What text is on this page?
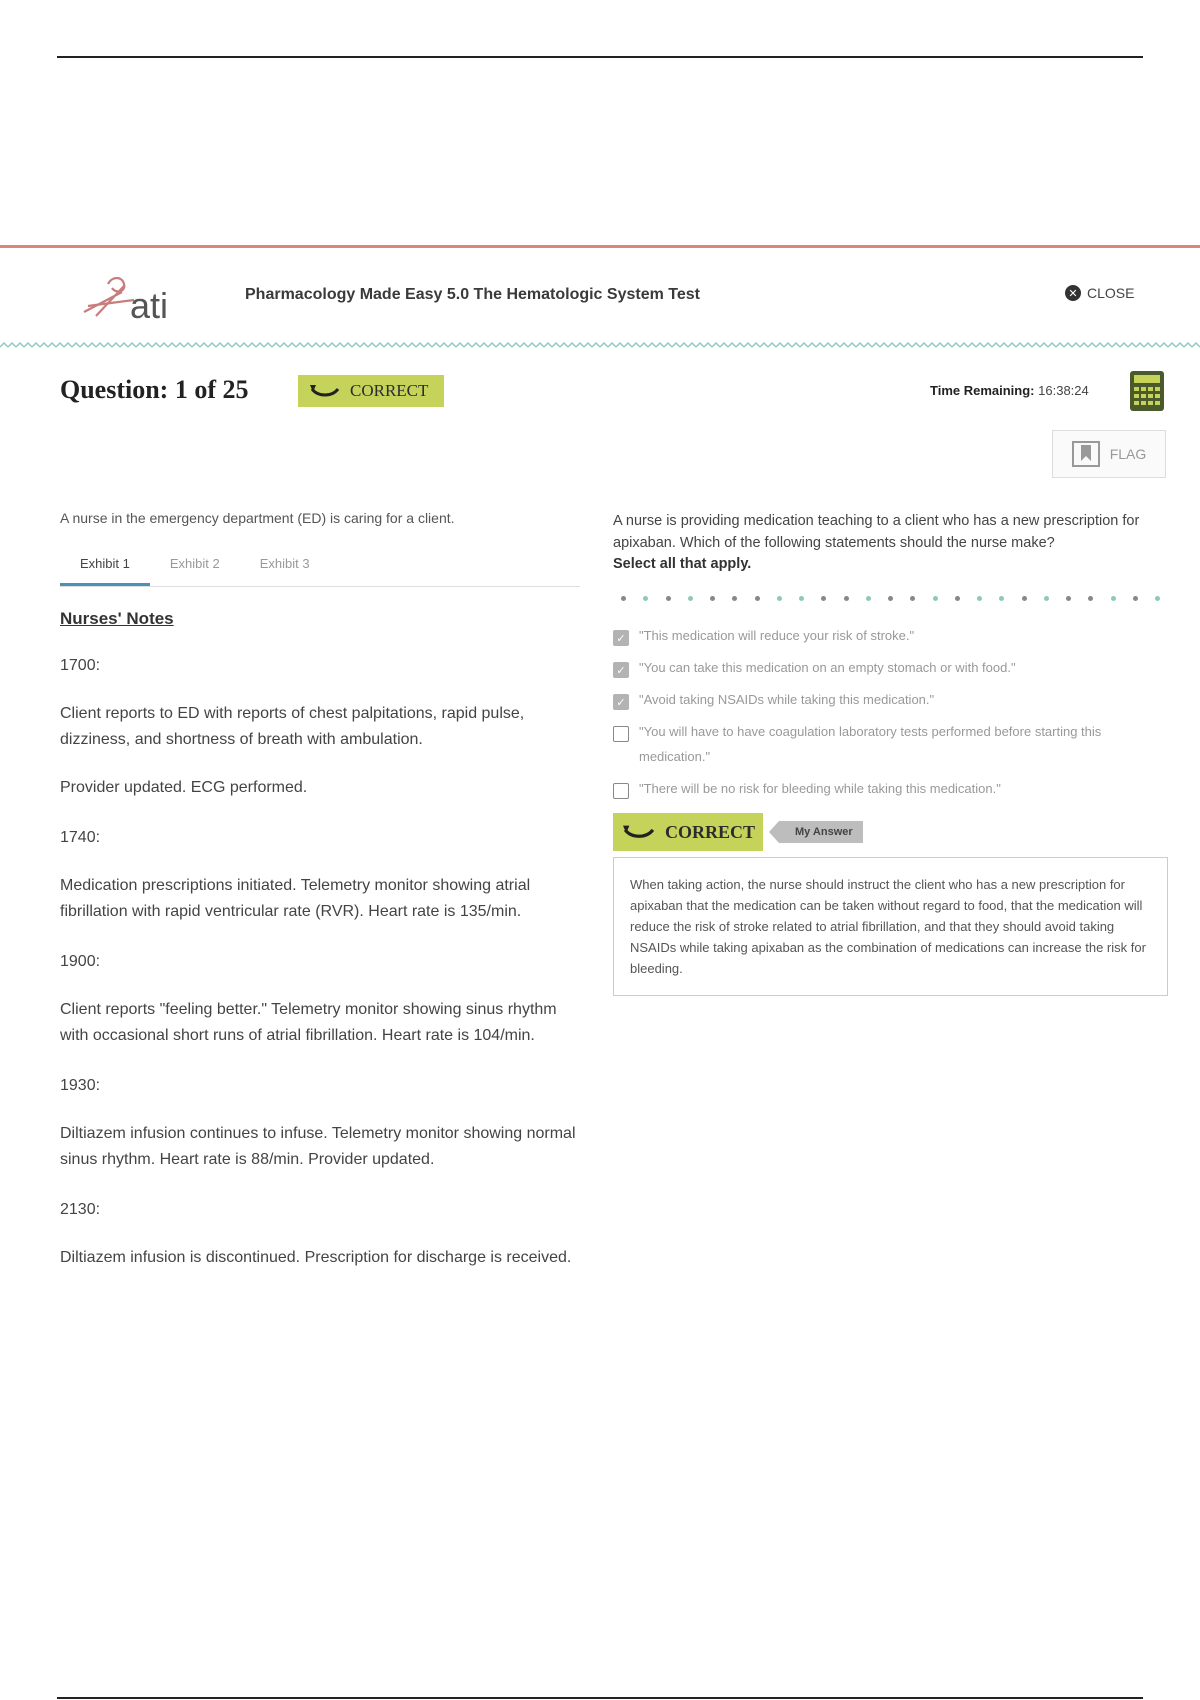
ati	Pharmacology Made Easy 5.0 The Hematologic System Test	✕ CLOSE
Question: 1 of 25	CORRECT	Time Remaining: 16:38:24
FLAG

A nurse in the emergency department (ED) is caring for a client.

Exhibit 1	Exhibit 2	Exhibit 3
Nurses' Notes
1700:
Client reports to ED with reports of chest palpitations, rapid pulse, dizziness, and shortness of breath with ambulation.
Provider updated. ECG performed.
1740:
Medication prescriptions initiated. Telemetry monitor showing atrial fibrillation with rapid ventricular rate (RVR). Heart rate is 135/min.
1900:
Client reports "feeling better." Telemetry monitor showing sinus rhythm with occasional short runs of atrial fibrillation. Heart rate is 104/min.
1930:
Diltiazem infusion continues to infuse. Telemetry monitor showing normal sinus rhythm. Heart rate is 88/min. Provider updated.
2130:
Diltiazem infusion is discontinued. Prescription for discharge is received.

A nurse is providing medication teaching to a client who has a new prescription for apixaban. Which of the following statements should the nurse make?

Select all that apply.
✓ "This medication will reduce your risk of stroke."
✓ "You can take this medication on an empty stomach or with food."
✓ "Avoid taking NSAIDs while taking this medication."
"You will have to have coagulation laboratory tests performed before starting this medication."
"There will be no risk for bleeding while taking this medication."
CORRECT	My Answer
When taking action, the nurse should instruct the client who has a new prescription for apixaban that the medication can be taken without regard to food, that the medication will reduce the risk of stroke related to atrial fibrillation, and that they should avoid taking NSAIDs while taking apixaban as the combination of medications can increase the risk for bleeding.
